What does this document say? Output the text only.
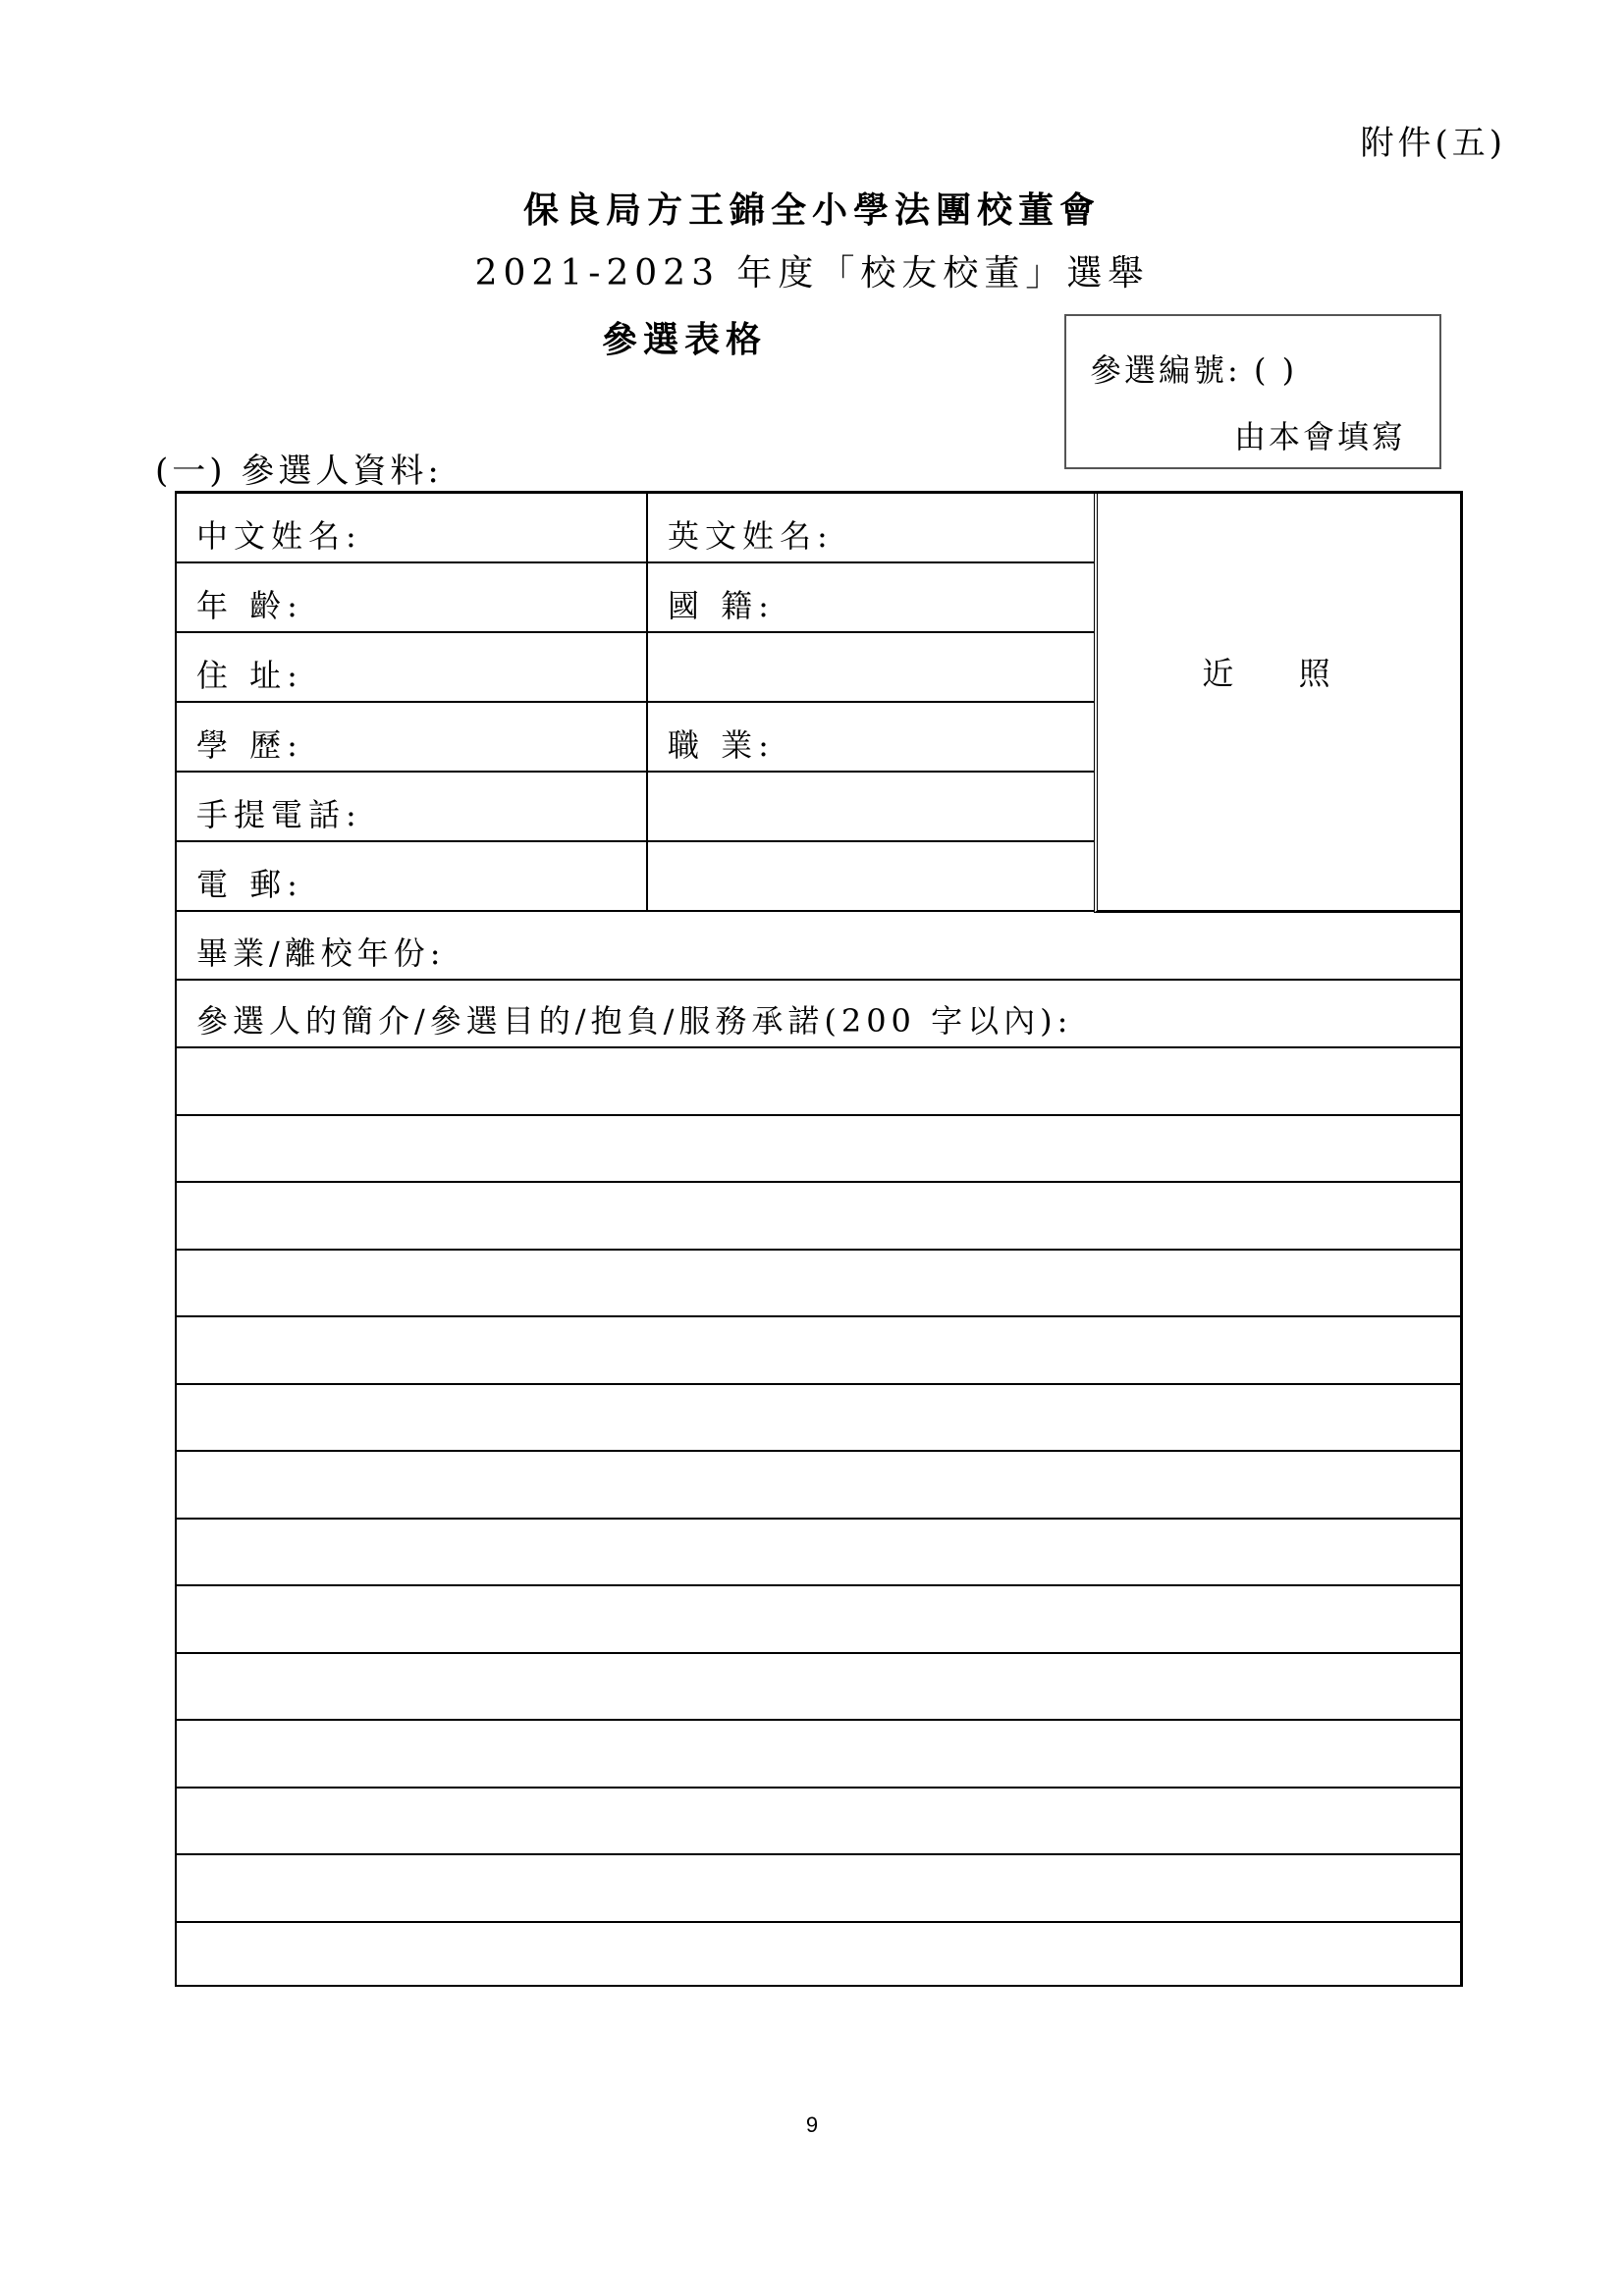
附件(五)
保良局方王錦全小學法團校董會
2021-2023 年度「校友校董」選舉
參選表格
參選編號: ( )
由本會填寫
(一) 參選人資料:
中文姓名:	英文姓名:
年 齡:	國 籍:
住 址:
學 歷:	職 業:
手提電話:
電 郵:
近 照
畢業/離校年份:
參選人的簡介/參選目的/抱負/服務承諾(200 字以內):
9
